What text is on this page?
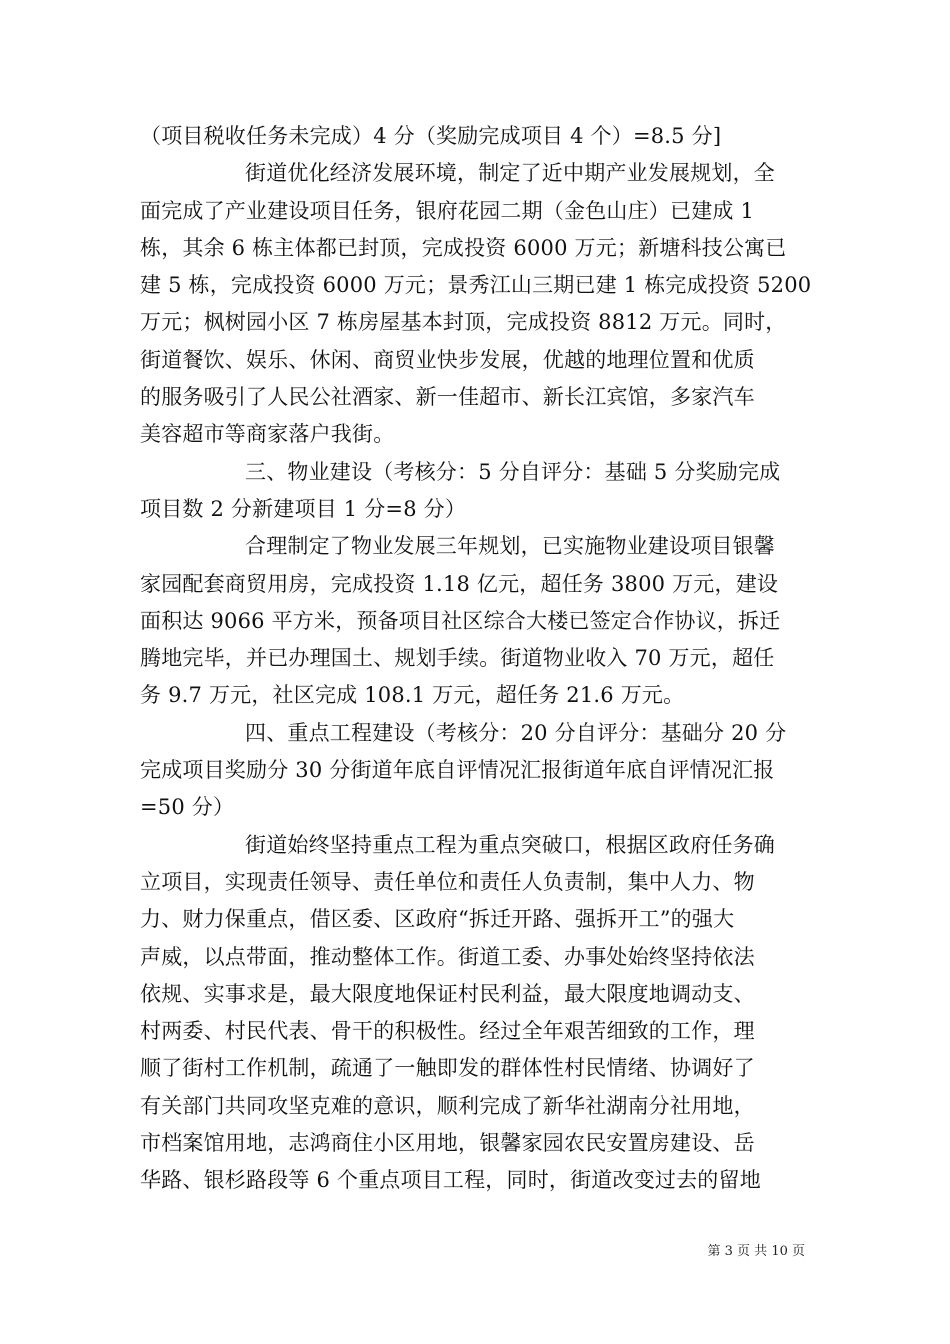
（项目税收任务未完成）4 分（奖励完成项目 4 个）=8.5 分]
街道优化经济发展环境，制定了近中期产业发展规划，全
面完成了产业建设项目任务，银府花园二期（金色山庄）已建成 1
栋，其余 6 栋主体都已封顶，完成投资 6000 万元；新塘科技公寓已
建 5 栋，完成投资 6000 万元；景秀江山三期已建 1 栋完成投资 5200
万元；枫树园小区 7 栋房屋基本封顶，完成投资 8812 万元。同时，
街道餐饮、娱乐、休闲、商贸业快步发展，优越的地理位置和优质
的服务吸引了人民公社酒家、新一佳超市、新长江宾馆，多家汽车
美容超市等商家落户我街。
三、物业建设（考核分：5 分自评分：基础 5 分奖励完成
项目数 2 分新建项目 1 分=8 分）
合理制定了物业发展三年规划，已实施物业建设项目银馨
家园配套商贸用房，完成投资 1.18 亿元，超任务 3800 万元，建设
面积达 9066 平方米，预备项目社区综合大楼已签定合作协议，拆迁
腾地完毕，并已办理国土、规划手续。街道物业收入 70 万元，超任
务 9.7 万元，社区完成 108.1 万元，超任务 21.6 万元。
四、重点工程建设（考核分：20 分自评分：基础分 20 分
完成项目奖励分 30 分街道年底自评情况汇报街道年底自评情况汇报
=50 分）
街道始终坚持重点工程为重点突破口，根据区政府任务确
立项目，实现责任领导、责任单位和责任人负责制，集中人力、物
力、财力保重点，借区委、区政府“拆迁开路、强拆开工”的强大
声威，以点带面，推动整体工作。街道工委、办事处始终坚持依法
依规、实事求是，最大限度地保证村民利益，最大限度地调动支、
村两委、村民代表、骨干的积极性。经过全年艰苦细致的工作，理
顺了街村工作机制，疏通了一触即发的群体性村民情绪、协调好了
有关部门共同攻坚克难的意识，顺利完成了新华社湖南分社用地，
市档案馆用地，志鸿商住小区用地，银馨家园农民安置房建设、岳
华路、银杉路段等 6 个重点项目工程，同时，街道改变过去的留地
第 3 页 共 10 页
